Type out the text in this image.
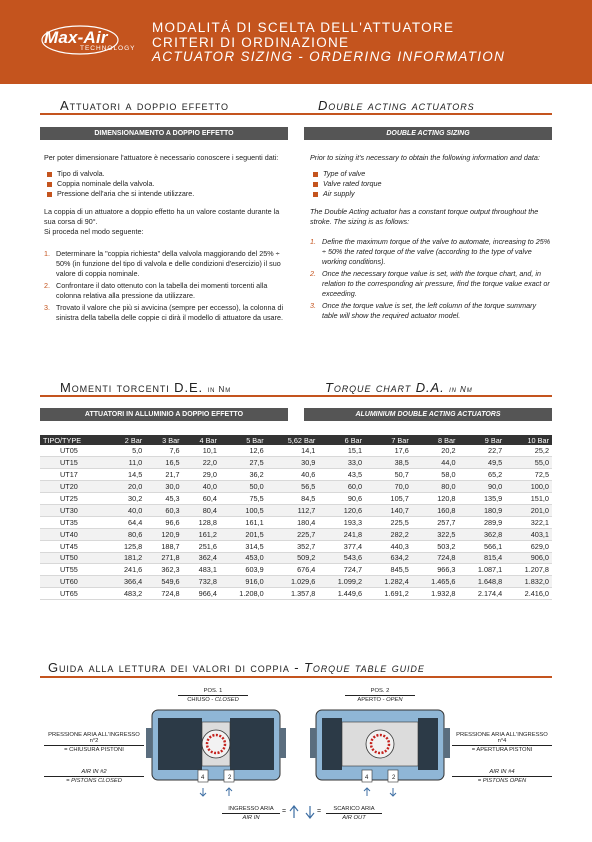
Max-Air
TECHNOLOGY
MODALITÁ DI SCELTA DELL'ATTUATORE
CRITERI DI ORDINAZIONE
ACTUATOR SIZING - ORDERING INFORMATION
Attuatori a doppio effetto	Double acting actuators
DIMENSIONAMENTO A DOPPIO EFFETTO	DOUBLE ACTING SIZING

Per poter dimensionare l'attuatore è necessario conoscere i seguenti dati:

Tipo di valvola.
Coppia nominale della valvola.
Pressione dell'aria che si intende utilizzare.
La coppia di un attuatore a doppio effetto ha un valore costante durante la sua corsa di 90°.

Si proceda nel modo seguente:

1. Determinare la "coppia richiesta" della valvola maggiorando del 25% ÷ 50% (in funzione del tipo di valvola e delle condizioni d'esercizio) il suo valore di coppia nominale.
2. Confrontare il dato ottenuto con la tabella dei momenti torcenti alla colonna relativa alla pressione da utilizzare.
3. Trovato il valore che più si avvicina (sempre per eccesso), la colonna di sinistra della tabella delle coppie ci dirà il modello di attuatore da usare.

Prior to sizing it's necessary to obtain the following information and data:

Type of valve
Valve rated torque
Air supply

The Double Acting actuator has a constant torque output throughout the stroke. The sizing is as follows:

1. Define the maximum torque of the valve to automate, increasing to 25% ÷ 50% the rated torque of the valve (according to the type of valve working conditions).
2. Once the necessary torque value is set, with the torque chart, and, in relation to the corresponding air pressure, find the torque value exact or exceeding.
3. Once the torque value is set, the left column of the torque summary table will show the required actuator model.
Momenti torcenti D.E. in Nm	Torque chart D.A. in Nm
ATTUATORI IN ALLUMINIO A DOPPIO EFFETTO	ALUMINIUM DOUBLE ACTING ACTUATORS
TIPO/TYPE	2 Bar	3 Bar	4 Bar	5 Bar	5,62 Bar	6 Bar	7 Bar	8 Bar	9 Bar	10 Bar
UT05	5,0	7,6	10,1	12,6	14,1	15,1	17,6	20,2	22,7	25,2
UT15	11,0	16,5	22,0	27,5	30,9	33,0	38,5	44,0	49,5	55,0
UT17	14,5	21,7	29,0	36,2	40,6	43,5	50,7	58,0	65,2	72,5
UT20	20,0	30,0	40,0	50,0	56,5	60,0	70,0	80,0	90,0	100,0
UT25	30,2	45,3	60,4	75,5	84,5	90,6	105,7	120,8	135,9	151,0
UT30	40,0	60,3	80,4	100,5	112,7	120,6	140,7	160,8	180,9	201,0
UT35	64,4	96,6	128,8	161,1	180,4	193,3	225,5	257,7	289,9	322,1
UT40	80,6	120,9	161,2	201,5	225,7	241,8	282,2	322,5	362,8	403,1
UT45	125,8	188,7	251,6	314,5	352,7	377,4	440,3	503,2	566,1	629,0
UT50	181,2	271,8	362,4	453,0	509,2	543,6	634,2	724,8	815,4	906,0
UT55	241,6	362,3	483,1	603,9	676,4	724,7	845,5	966,3	1.087,1	1.207,8
UT60	366,4	549,6	732,8	916,0	1.029,6	1.099,2	1.282,4	1.465,6	1.648,8	1.832,0
UT65	483,2	724,8	966,4	1.208,0	1.357,8	1.449,6	1.691,2	1.932,8	2.174,4	2.416,0
Guida alla lettura dei valori di coppia - Torque table guide
POS. 1
CHIUSO - CLOSED
POS. 2
APERTO - OPEN
PRESSIONE ARIA ALL'INGRESSO n°2
= CHIUSURA PISTONI
AIR IN #2
= PISTONS CLOSED
PRESSIONE ARIA ALL'INGRESSO n°4
= APERTURA PISTONI
AIR IN #4
= PISTONS OPEN
4	2	4	2
INGRESSO ARIA
AIR IN
=	=	SCARICO ARIA
AIR OUT
